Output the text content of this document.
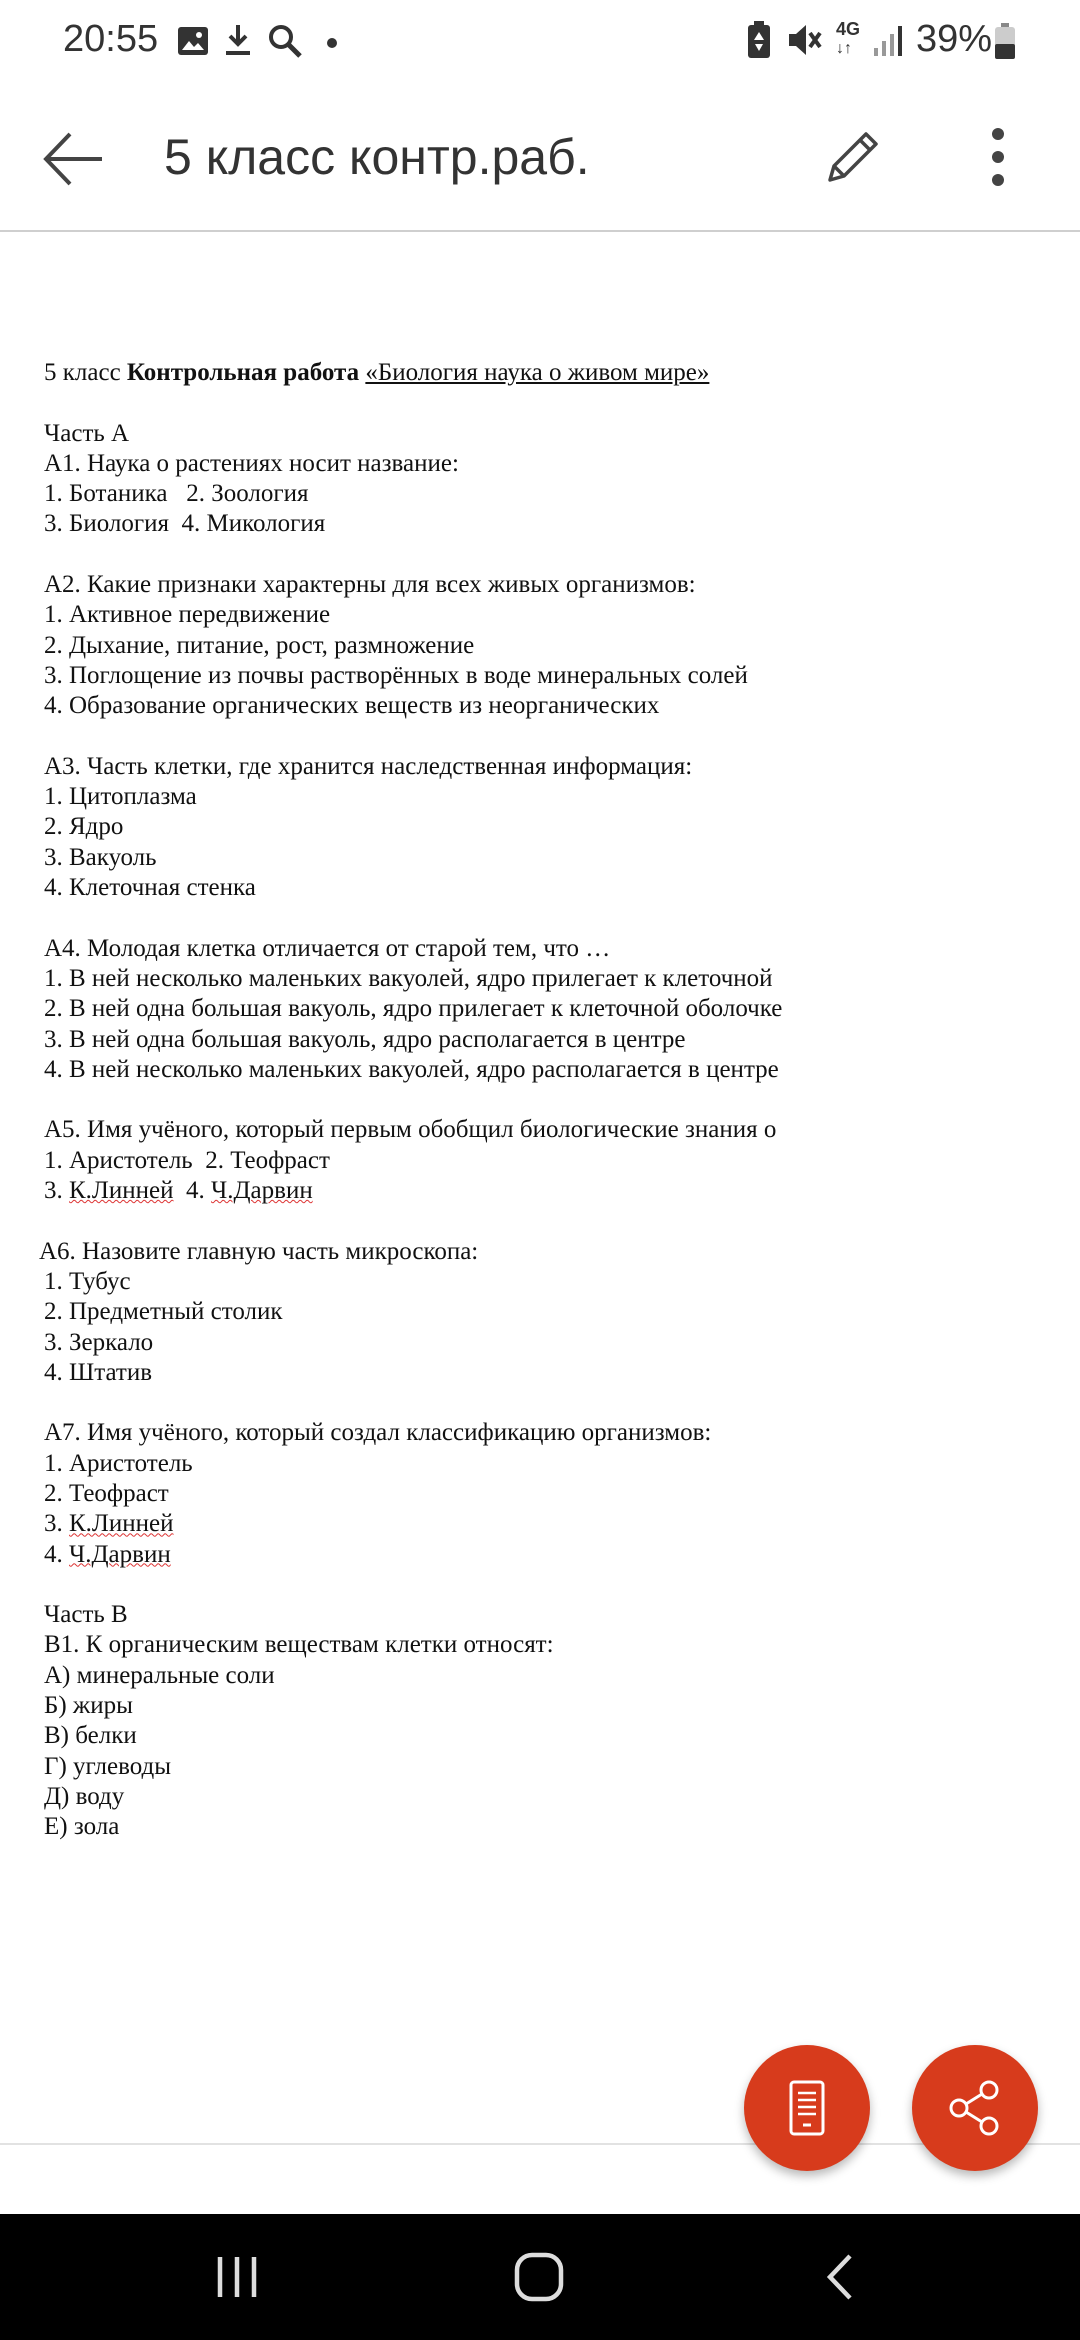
20:55	4G
↓↑ 39%
5 класс контр.раб.
5 класс Контрольная работа «Биология наука о живом мире»
Часть А
А1. Наука о растениях носит название:
1. Ботаника   2. Зоология
3. Биология  4. Микология
А2. Какие признаки характерны для всех живых организмов:
1. Активное передвижение
2. Дыхание, питание, рост, размножение
3. Поглощение из почвы растворённых в воде минеральных солей
4. Образование органических веществ из неорганических
А3. Часть клетки, где хранится наследственная информация:
1. Цитоплазма
2. Ядро
3. Вакуоль
4. Клеточная стенка
А4. Молодая клетка отличается от старой тем, что …
1. В ней несколько маленьких вакуолей, ядро прилегает к клеточной
2. В ней одна большая вакуоль, ядро прилегает к клеточной оболочке
3. В ней одна большая вакуоль, ядро располагается в центре
4. В ней несколько маленьких вакуолей, ядро располагается в центре
А5. Имя учёного, который первым обобщил биологические знания о
1. Аристотель  2. Теофраст
3. К.Линней  4. Ч.Дарвин
А6. Назовите главную часть микроскопа:
1. Тубус
2. Предметный столик
3. Зеркало
4. Штатив
А7. Имя учёного, который создал классификацию организмов:
1. Аристотель
2. Теофраст
3. К.Линней
4. Ч.Дарвин
Часть В
В1. К органическим веществам клетки относят:
А) минеральные соли
Б) жиры
В) белки
Г) углеводы
Д) воду
Е) зола
